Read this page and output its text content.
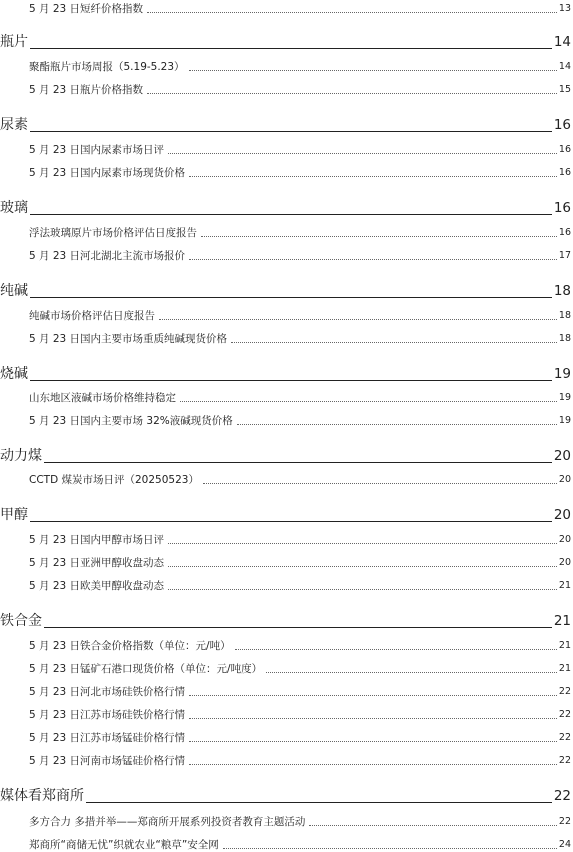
5 月 23 日短纤价格指数	13
瓶片	14
聚酯瓶片市场周报（5.19-5.23）	14
5 月 23 日瓶片价格指数	15
尿素	16
5 月 23 日国内尿素市场日评	16
5 月 23 日国内尿素市场现货价格	16
玻璃	16
浮法玻璃原片市场价格评估日度报告	16
5 月 23 日河北湖北主流市场报价	17
纯碱	18
纯碱市场价格评估日度报告	18
5 月 23 日国内主要市场重质纯碱现货价格	18
烧碱	19
山东地区液碱市场价格维持稳定	19
5 月 23 日国内主要市场 32%液碱现货价格	19
动力煤	20
CCTD 煤炭市场日评（20250523）	20
甲醇	20
5 月 23 日国内甲醇市场日评	20
5 月 23 日亚洲甲醇收盘动态	20
5 月 23 日欧美甲醇收盘动态	21
铁合金	21
5 月 23 日铁合金价格指数（单位：元/吨）	21
5 月 23 日锰矿石港口现货价格（单位：元/吨度）	21
5 月 23 日河北市场硅铁价格行情	22
5 月 23 日江苏市场硅铁价格行情	22
5 月 23 日江苏市场锰硅价格行情	22
5 月 23 日河南市场锰硅价格行情	22
媒体看郑商所	22
多方合力 多措并举——郑商所开展系列投资者教育主题活动	22
郑商所“商储无忧”织就农业“粮草”安全网	24
